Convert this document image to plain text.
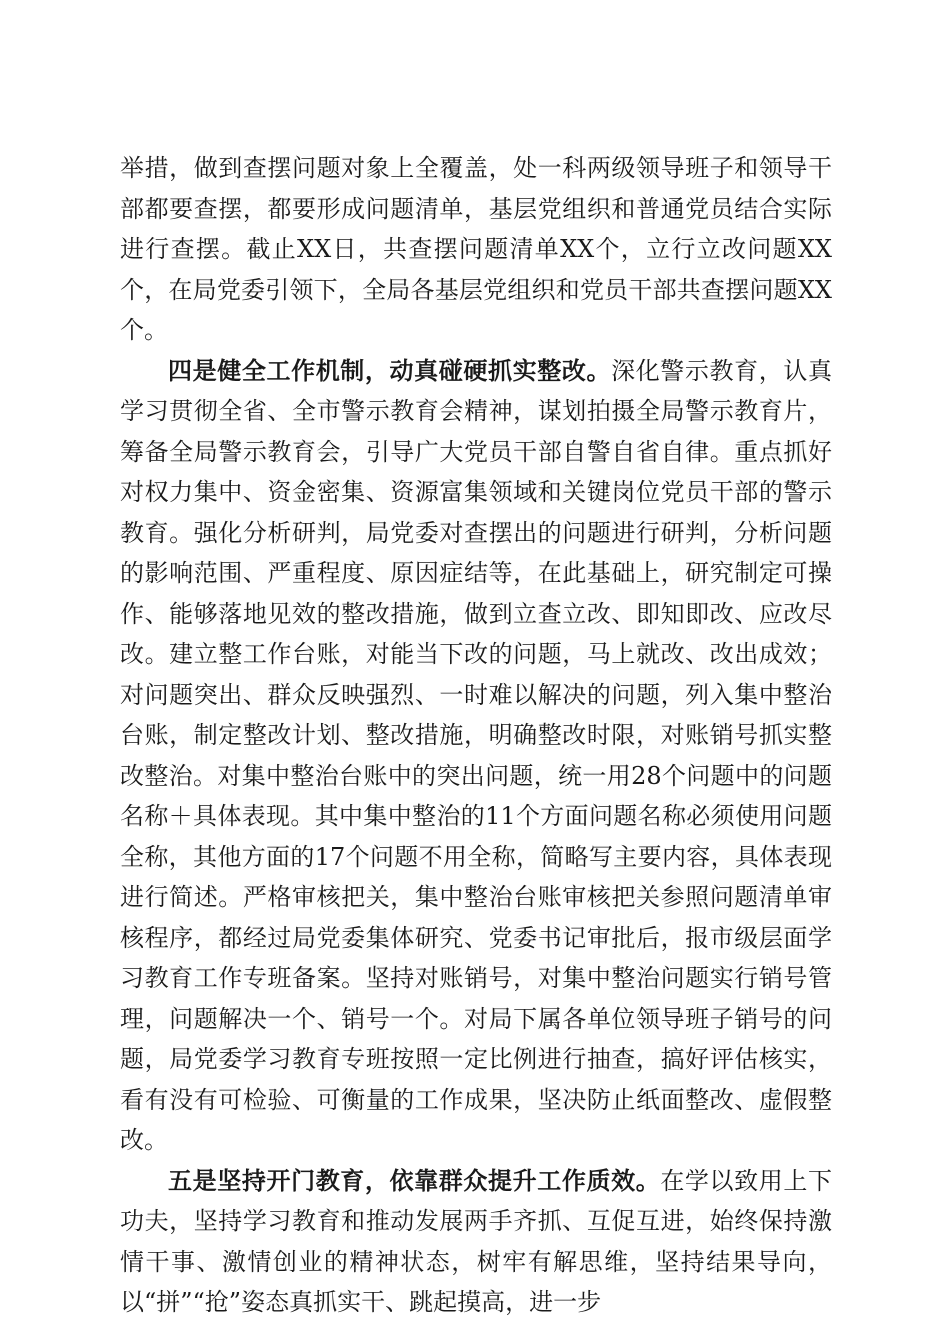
举措，做到查摆问题对象上全覆盖，处一科两级领导班子和领导干部都要查摆，都要形成问题清单，基层党组织和普通党员结合实际进行查摆。截止XX日，共查摆问题清单XX个，立行立改问题XX个，在局党委引领下，全局各基层党组织和党员干部共查摆问题XX个。

四是健全工作机制，动真碰硬抓实整改。深化警示教育，认真学习贯彻全省、全市警示教育会精神，谋划拍摄全局警示教育片，筹备全局警示教育会，引导广大党员干部自警自省自律。重点抓好对权力集中、资金密集、资源富集领域和关键岗位党员干部的警示教育。强化分析研判，局党委对查摆出的问题进行研判，分析问题的影响范围、严重程度、原因症结等，在此基础上，研究制定可操作、能够落地见效的整改措施，做到立查立改、即知即改、应改尽改。建立整工作台账，对能当下改的问题，马上就改、改出成效；对问题突出、群众反映强烈、一时难以解决的问题，列入集中整治台账，制定整改计划、整改措施，明确整改时限，对账销号抓实整改整治。对集中整治台账中的突出问题，统一用28个问题中的问题名称＋具体表现。其中集中整治的11个方面问题名称必须使用问题全称，其他方面的17个问题不用全称，简略写主要内容，具体表现进行简述。严格审核把关，集中整治台账审核把关参照问题清单审核程序，都经过局党委集体研究、党委书记审批后，报市级层面学习教育工作专班备案。坚持对账销号，对集中整治问题实行销号管理，问题解决一个、销号一个。对局下属各单位领导班子销号的问题，局党委学习教育专班按照一定比例进行抽查，搞好评估核实，看有没有可检验、可衡量的工作成果，坚决防止纸面整改、虚假整改。

五是坚持开门教育，依靠群众提升工作质效。在学以致用上下功夫，坚持学习教育和推动发展两手齐抓、互促互进，始终保持激情干事、激情创业的精神状态，树牢有解思维，坚持结果导向，以“拼”“抢”姿态真抓实干、跳起摸高，进一步
